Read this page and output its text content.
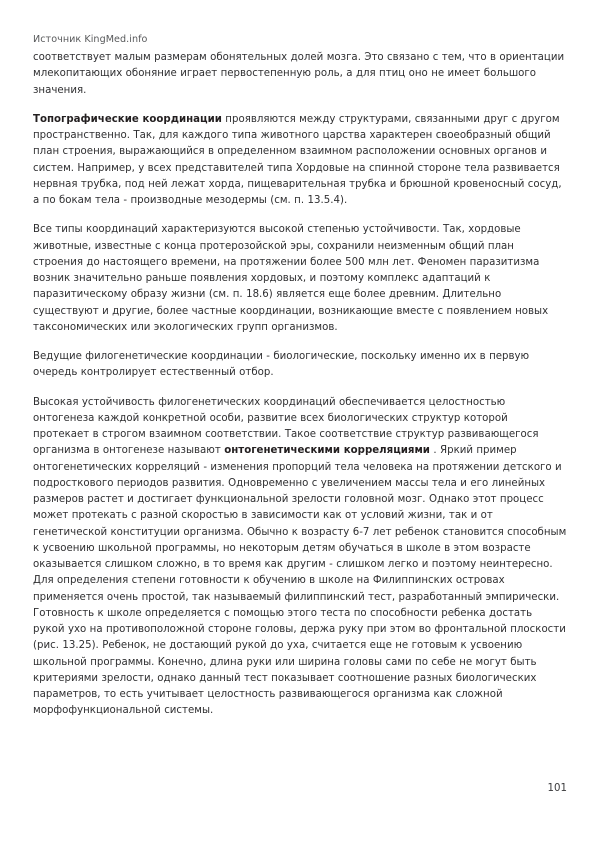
Источник KingMed.info

соответствует малым размерам обонятельных долей мозга. Это связано с тем, что в ориентации млекопитающих обоняние играет первостепенную роль, а для птиц оно не имеет большого значения.

Топографические координации проявляются между структурами, связанными друг с другом пространственно. Так, для каждого типа животного царства характерен своеобразный общий план строения, выражающийся в определенном взаимном расположении основных органов и систем. Например, у всех представителей типа Хордовые на спинной стороне тела развивается нервная трубка, под ней лежат хорда, пищеварительная трубка и брюшной кровеносный сосуд, а по бокам тела - производные мезодермы (см. п. 13.5.4).

Все типы координаций характеризуются высокой степенью устойчивости. Так, хордовые животные, известные с конца протерозойской эры, сохранили неизменным общий план строения до настоящего времени, на протяжении более 500 млн лет. Феномен паразитизма возник значительно раньше появления хордовых, и поэтому комплекс адаптаций к паразитическому образу жизни (см. п. 18.6) является еще более древним. Длительно существуют и другие, более частные координации, возникающие вместе с появлением новых таксономических или экологических групп организмов.

Ведущие филогенетические координации - биологические, поскольку именно их в первую очередь контролирует естественный отбор.

Высокая устойчивость филогенетических координаций обеспечивается целостностью онтогенеза каждой конкретной особи, развитие всех биологических структур которой протекает в строгом взаимном соответствии. Такое соответствие структур развивающегося организма в онтогенезе называют онтогенетическими корреляциями . Яркий пример онтогенетических корреляций - изменения пропорций тела человека на протяжении детского и подросткового периодов развития. Одновременно с увеличением массы тела и его линейных размеров растет и достигает функциональной зрелости головной мозг. Однако этот процесс может протекать с разной скоростью в зависимости как от условий жизни, так и от генетической конституции организма. Обычно к возрасту 6-7 лет ребенок становится способным к усвоению школьной программы, но некоторым детям обучаться в школе в этом возрасте оказывается слишком сложно, в то время как другим - слишком легко и поэтому неинтересно. Для определения степени готовности к обучению в школе на Филиппинских островах применяется очень простой, так называемый филиппинский тест, разработанный эмпирически. Готовность к школе определяется с помощью этого теста по способности ребенка достать рукой ухо на противоположной стороне головы, держа руку при этом во фронтальной плоскости (рис. 13.25). Ребенок, не достающий рукой до уха, считается еще не готовым к усвоению школьной программы. Конечно, длина руки или ширина головы сами по себе не могут быть критериями зрелости, однако данный тест показывает соотношение разных биологических параметров, то есть учитывает целостность развивающегося организма как сложной морфофункциональной системы.

101
